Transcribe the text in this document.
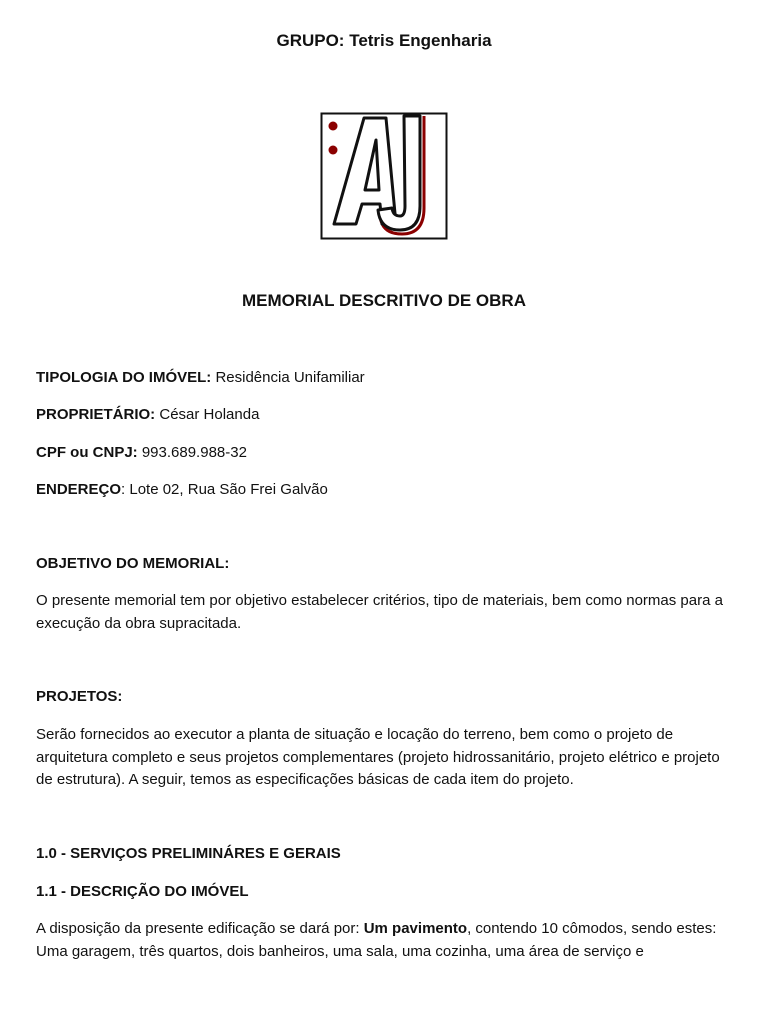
GRUPO: Tetris Engenharia
MEMORIAL DESCRITIVO DE OBRA
TIPOLOGIA DO IMÓVEL: Residência Unifamiliar
PROPRIETÁRIO: César Holanda
CPF ou CNPJ: 993.689.988-32
ENDEREÇO: Lote 02, Rua São Frei Galvão
OBJETIVO DO MEMORIAL:
O presente memorial tem por objetivo estabelecer critérios, tipo de materiais, bem como normas para a execução da obra supracitada.
PROJETOS:
Serão fornecidos ao executor a planta de situação e locação do terreno, bem como o projeto de arquitetura completo e seus projetos complementares (projeto hidrossanitário, projeto elétrico e projeto de estrutura). A seguir, temos as especificações básicas de cada item do projeto.
1.0 - SERVIÇOS PRELIMINÁRES E GERAIS
1.1 - DESCRIÇÃO DO IMÓVEL
A disposição da presente edificação se dará por: Um pavimento, contendo 10 cômodos, sendo estes: Uma garagem, três quartos, dois banheiros, uma sala, uma cozinha, uma área de serviço e
